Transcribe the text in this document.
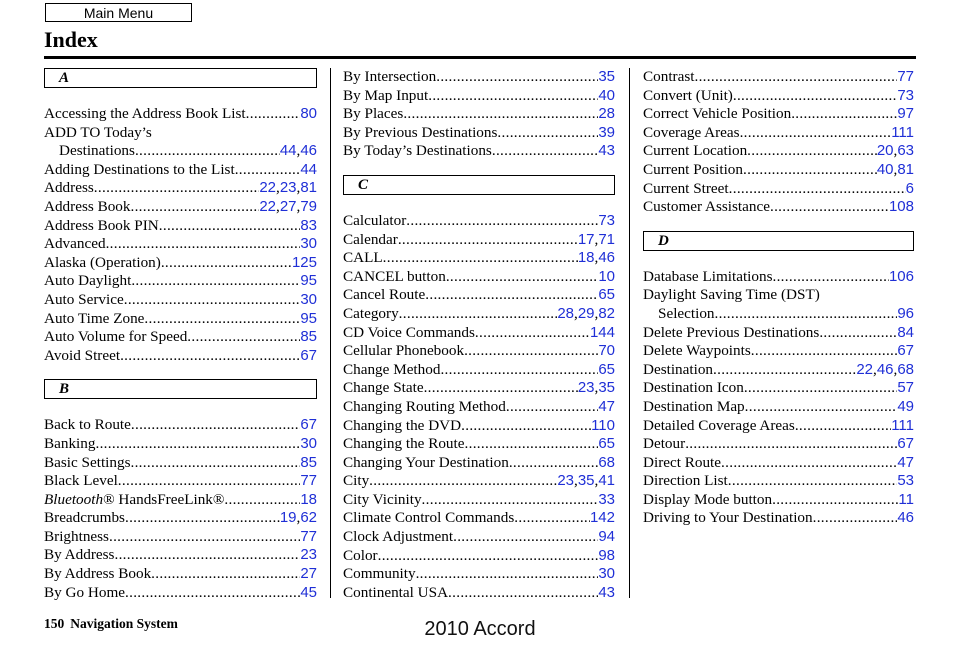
Main Menu
Index
A
Accessing the Address Book List .....	80
ADD TO Today’s
Destinations .....	44 , 46
Adding Destinations to the List .....	44
Address .....	22 , 23 , 81
Address Book .....	22 , 27 , 79
Address Book PIN .....	83
Advanced .....	30
Alaska (Operation) .....	125
Auto Daylight .....	95
Auto Service .....	30
Auto Time Zone .....	95
Auto Volume for Speed .....	85
Avoid Street .....	67
B
Back to Route .....	67
Banking .....	30
Basic Settings .....	85
Black Level .....	77
Bluetooth® HandsFreeLink® .....	18
Breadcrumbs .....	19 , 62
Brightness .....	77
By Address .....	23
By Address Book .....	27
By Go Home .....	45
By Intersection .....	35
By Map Input .....	40
By Places .....	28
By Previous Destinations .....	39
By Today’s Destinations .....	43
C
Calculator .....	73
Calendar .....	17 , 71
CALL .....	18 , 46
CANCEL button .....	10
Cancel Route .....	65
Category .....	28 , 29 , 82
CD Voice Commands .....	144
Cellular Phonebook .....	70
Change Method .....	65
Change State .....	23 , 35
Changing Routing Method .....	47
Changing the DVD .....	110
Changing the Route .....	65
Changing Your Destination .....	68
City .....	23 , 35 , 41
City Vicinity .....	33
Climate Control Commands .....	142
Clock Adjustment .....	94
Color .....	98
Community .....	30
Continental USA .....	43
Contrast .....	77
Convert (Unit) .....	73
Correct Vehicle Position .....	97
Coverage Areas .....	111
Current Location .....	20 , 63
Current Position .....	40 , 81
Current Street .....	6
Customer Assistance .....	108
D
Database Limitations .....	106
Daylight Saving Time (DST)
Selection .....	96
Delete Previous Destinations .....	84
Delete Waypoints .....	67
Destination .....	22 , 46 , 68
Destination Icon .....	57
Destination Map .....	49
Detailed Coverage Areas .....	111
Detour .....	67
Direct Route .....	47
Direction List .....	53
Display Mode button .....	11
Driving to Your Destination .....	46
150 Navigation System	2010 Accord
